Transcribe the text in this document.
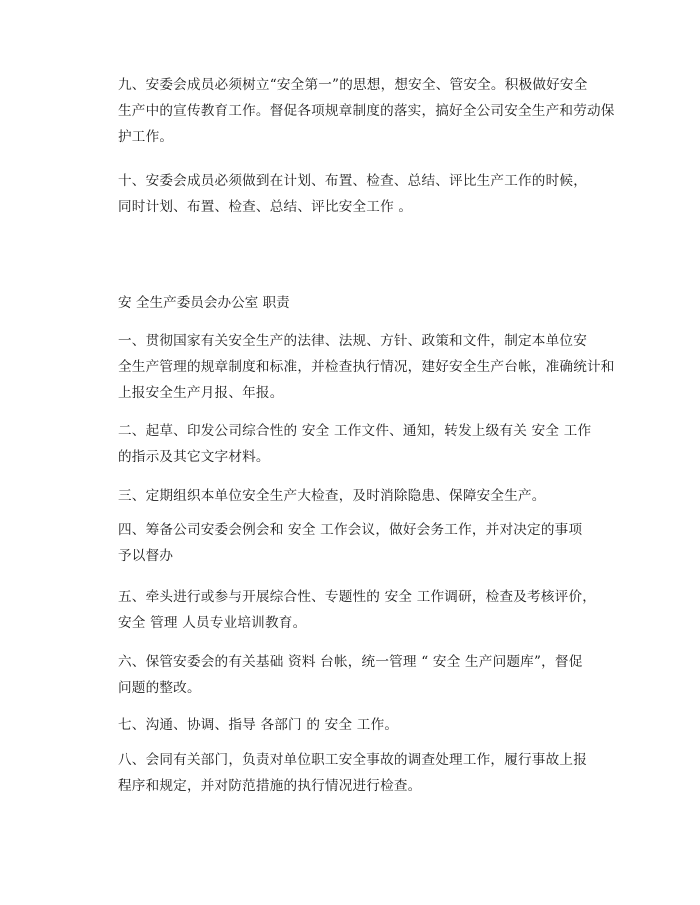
九、安委会成员必须树立“安全第一”的思想，想安全、管安全。积极做好安全
生产中的宣传教育工作。督促各项规章制度的落实，搞好全公司安全生产和劳动保
护工作。

十、安委会成员必须做到在计划、布置、检查、总结、评比生产工作的时候，
同时计划、布置、检查、总结、评比安全工作 。

安 全生产委员会办公室 职责

一、贯彻国家有关安全生产的法律、法规、方针、政策和文件，制定本单位安
全生产管理的规章制度和标准，并检查执行情况，建好安全生产台帐，准确统计和
上报安全生产月报、年报。

二、起草、印发公司综合性的 安全 工作文件、通知，转发上级有关 安全 工作
的指示及其它文字材料。

三、定期组织本单位安全生产大检查，及时消除隐患、保障安全生产。

四、筹备公司安委会例会和 安全 工作会议，做好会务工作，并对决定的事项
予以督办

五、牵头进行或参与开展综合性、专题性的 安全 工作调研，检查及考核评价，
安全 管理 人员专业培训教育。

六、保管安委会的有关基础 资料 台帐，统一管理 “ 安全 生产问题库”，督促
问题的整改。

七、沟通、协调、指导 各部门 的 安全 工作。

八、会同有关部门，负责对单位职工安全事故的调查处理工作，履行事故上报
程序和规定，并对防范措施的执行情况进行检查。
